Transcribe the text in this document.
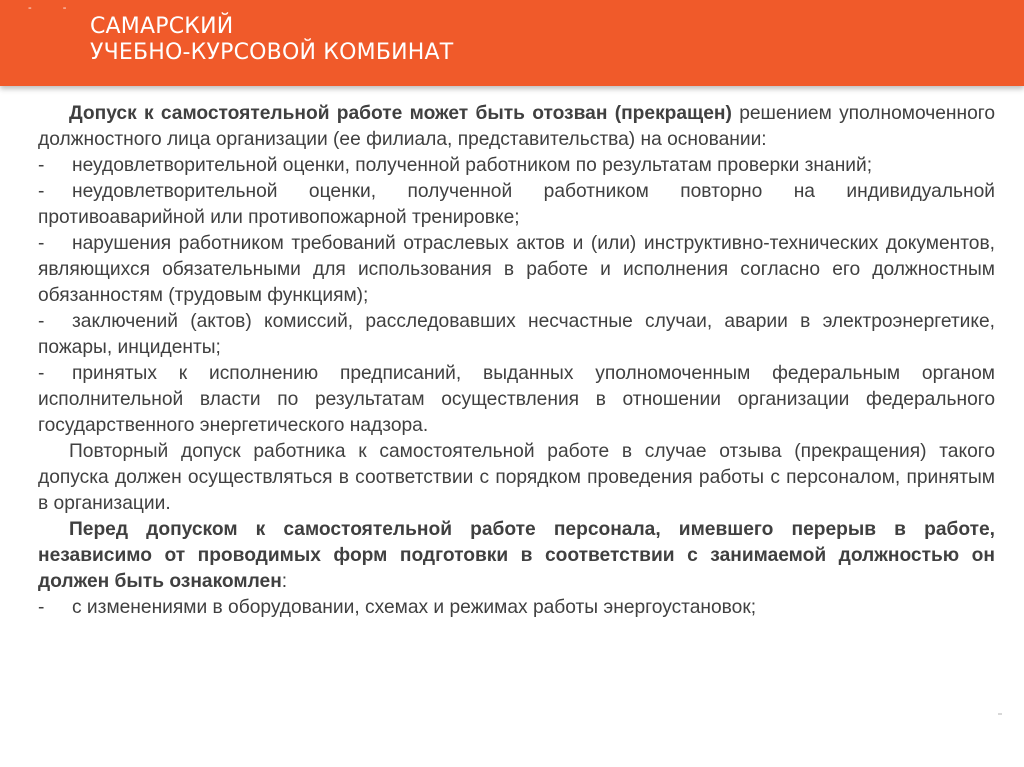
- -
САМАРСКИЙ
УЧЕБНО-КУРСОВОЙ КОМБИНАТ

Допуск к самостоятельной работе может быть отозван (прекращен) решением уполномоченного должностного лица организации (ее филиала, представительства) на основании:

- неудовлетворительной оценки, полученной работником по результатам проверки знаний;

- неудовлетворительной оценки, полученной работником повторно на индивидуальной противоаварийной или противопожарной тренировке;

- нарушения работником требований отраслевых актов и (или) инструктивно-технических документов, являющихся обязательными для использования в работе и исполнения согласно его должностным обязанностям (трудовым функциям);

- заключений (актов) комиссий, расследовавших несчастные случаи, аварии в электроэнергетике, пожары, инциденты;

- принятых к исполнению предписаний, выданных уполномоченным федеральным органом исполнительной власти по результатам осуществления в отношении организации федерального государственного энергетического надзора.

Повторный допуск работника к самостоятельной работе в случае отзыва (прекращения) такого допуска должен осуществляться в соответствии с порядком проведения работы с персоналом, принятым в организации.

Перед допуском к самостоятельной работе персонала, имевшего перерыв в работе, независимо от проводимых форм подготовки в соответствии с занимаемой должностью он должен быть ознакомлен:

- с изменениями в оборудовании, схемах и режимах работы энергоустановок;
